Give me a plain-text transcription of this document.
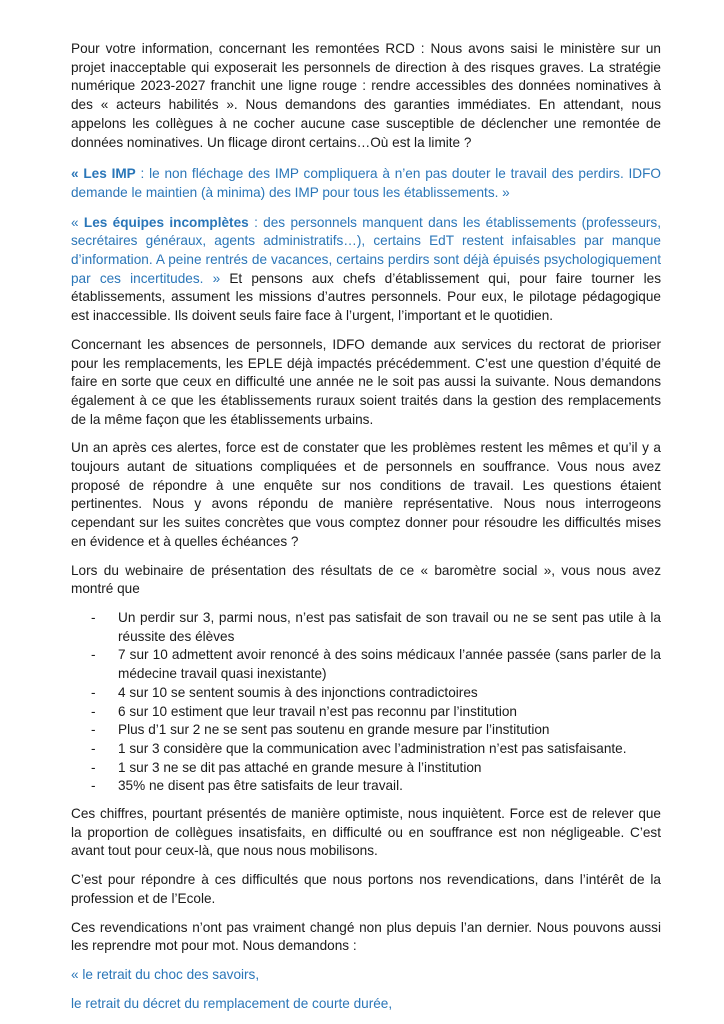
Pour votre information, concernant les remontées RCD : Nous avons saisi le ministère sur un projet inacceptable qui exposerait les personnels de direction à des risques graves. La stratégie numérique 2023-2027 franchit une ligne rouge : rendre accessibles des données nominatives à des « acteurs habilités ». Nous demandons des garanties immédiates. En attendant, nous appelons les collègues à ne cocher aucune case susceptible de déclencher une remontée de données nominatives. Un flicage diront certains…Où est la limite ?

« Les IMP : le non fléchage des IMP compliquera à n’en pas douter le travail des perdirs. IDFO demande le maintien (à minima) des IMP pour tous les établissements. »

« Les équipes incomplètes : des personnels manquent dans les établissements (professeurs, secrétaires généraux, agents administratifs…), certains EdT restent infaisables par manque d’information. A peine rentrés de vacances, certains perdirs sont déjà épuisés psychologiquement par ces incertitudes. » Et pensons aux chefs d’établissement qui, pour faire tourner les établissements, assument les missions d’autres personnels. Pour eux, le pilotage pédagogique est inaccessible. Ils doivent seuls faire face à l’urgent, l’important et le quotidien.

Concernant les absences de personnels, IDFO demande aux services du rectorat de prioriser pour les remplacements, les EPLE déjà impactés précédemment. C’est une question d’équité de faire en sorte que ceux en difficulté une année ne le soit pas aussi la suivante. Nous demandons également à ce que les établissements ruraux soient traités dans la gestion des remplacements de la même façon que les établissements urbains.

Un an après ces alertes, force est de constater que les problèmes restent les mêmes et qu’il y a toujours autant de situations compliquées et de personnels en souffrance. Vous nous avez proposé de répondre à une enquête sur nos conditions de travail. Les questions étaient pertinentes. Nous y avons répondu de manière représentative. Nous nous interrogeons cependant sur les suites concrètes que vous comptez donner pour résoudre les difficultés mises en évidence et à quelles échéances ?

Lors du webinaire de présentation des résultats de ce « baromètre social », vous nous avez montré que

- Un perdir sur 3, parmi nous, n’est pas satisfait de son travail ou ne se sent pas utile à la réussite des élèves
- 7 sur 10 admettent avoir renoncé à des soins médicaux l’année passée (sans parler de la médecine travail quasi inexistante)
- 4 sur 10 se sentent soumis à des injonctions contradictoires
- 6 sur 10 estiment que leur travail n’est pas reconnu par l’institution
- Plus d’1 sur 2 ne se sent pas soutenu en grande mesure par l’institution
- 1 sur 3 considère que la communication avec l’administration n’est pas satisfaisante.
- 1 sur 3 ne se dit pas attaché en grande mesure à l’institution
- 35% ne disent pas être satisfaits de leur travail.

Ces chiffres, pourtant présentés de manière optimiste, nous inquiètent. Force est de relever que la proportion de collègues insatisfaits, en difficulté ou en souffrance est non négligeable. C’est avant tout pour ceux-là, que nous nous mobilisons.

C’est pour répondre à ces difficultés que nous portons nos revendications, dans l’intérêt de la profession et de l’Ecole.

Ces revendications n’ont pas vraiment changé non plus depuis l’an dernier. Nous pouvons aussi les reprendre mot pour mot. Nous demandons :

« le retrait du choc des savoirs,

le retrait du décret du remplacement de courte durée,
